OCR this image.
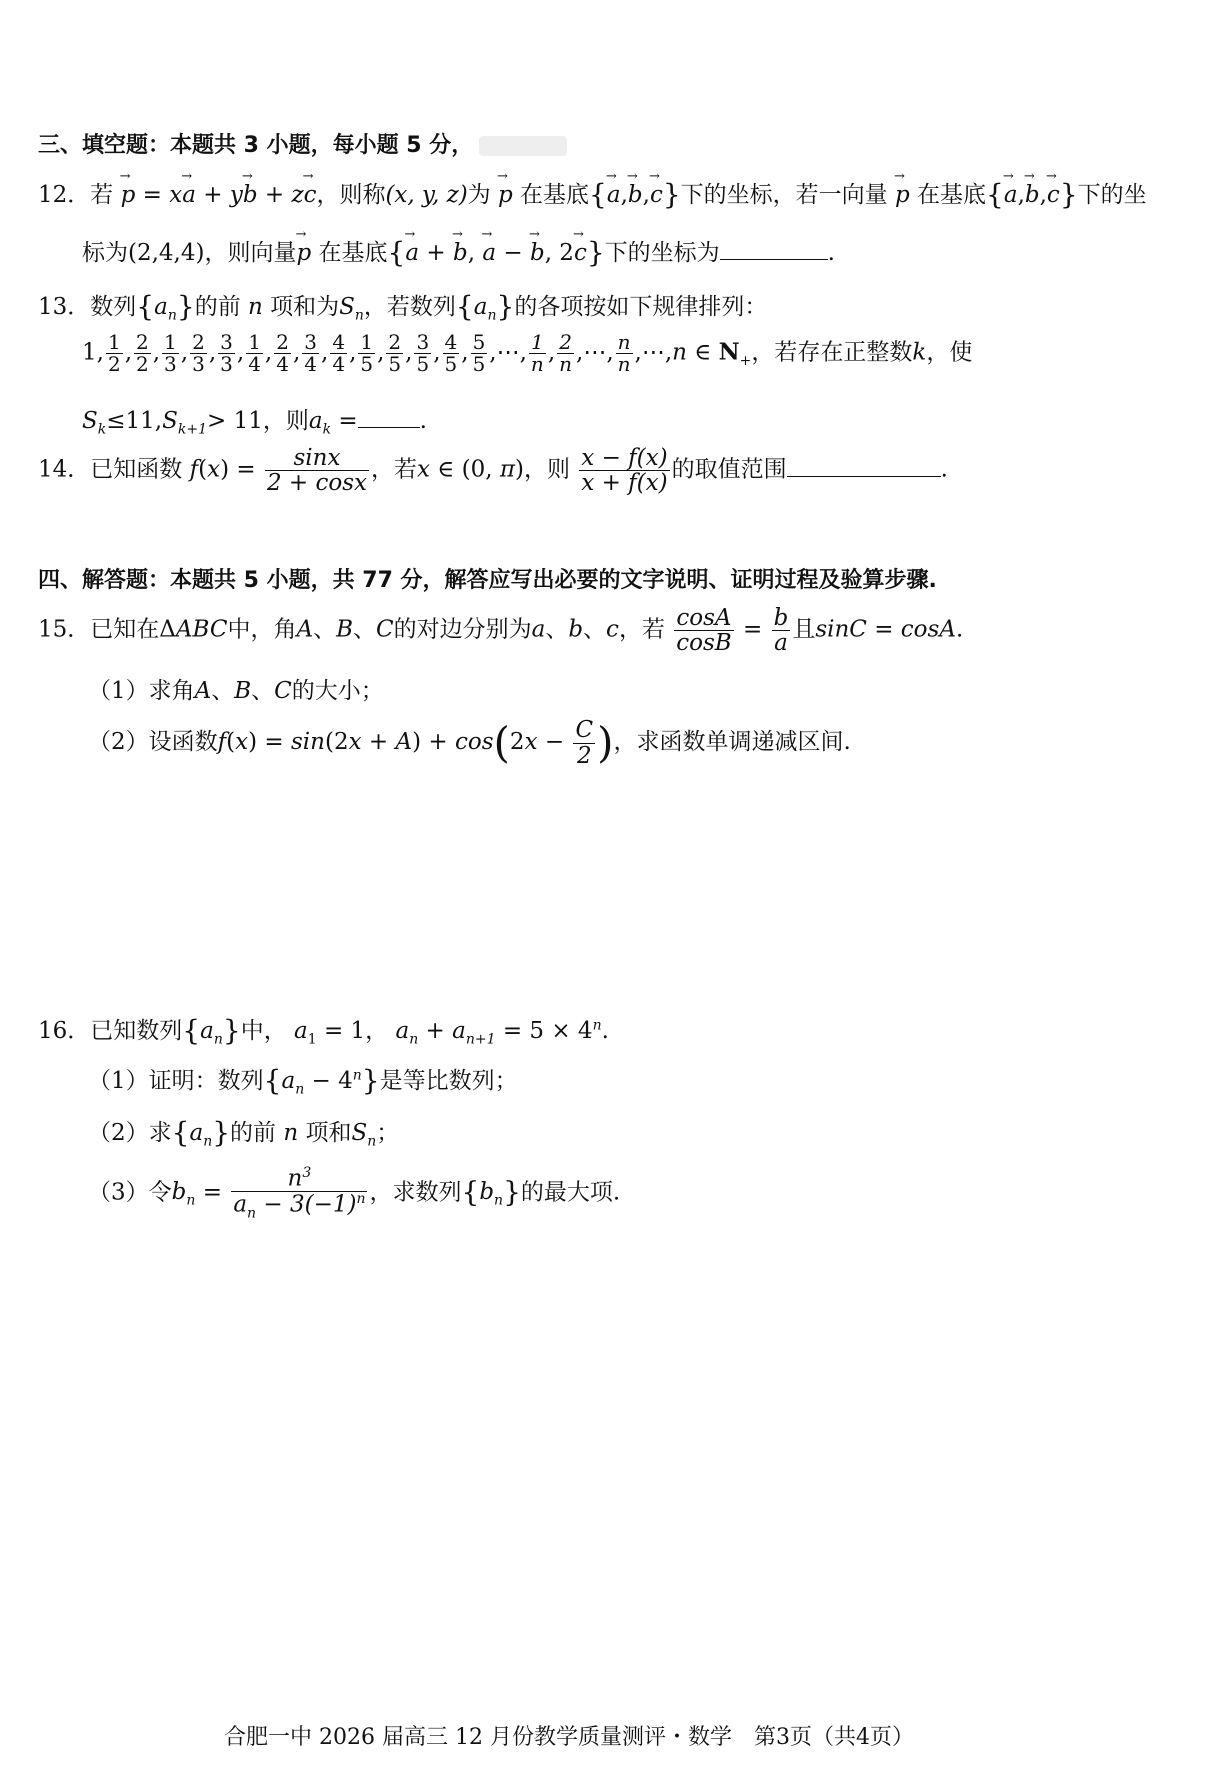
三、填空题：本题共 3 小题，每小题 5 分，
12．若 → p = x→ a + y→ b + z→ c，则称(x, y, z)为 → p 在基底{→ a,→ b,→ c}下的坐标，若一向量 → p 在基底{→ a,→ b,→ c}下的坐
标为(2,4,4)，则向量→ p 在基底{→ a + → b, → a − → b, 2→ c}下的坐标为	.
13．数列$\{a_n\}$的前 n 项和为$S_n$，若数列$\{a_n\}$的各项按如下规律排列：
1, $\frac{1}{2}$ , $\frac{2}{2}$ , $\frac{1}{3}$ , $\frac{2}{3}$ , $\frac{3}{3}$ , $\frac{1}{4}$ , $\frac{2}{4}$ , $\frac{3}{4}$ , $\frac{4}{4}$ , $\frac{1}{5}$ , $\frac{2}{5}$ , $\frac{3}{5}$ , $\frac{4}{5}$ , $\frac{5}{5}$ ,⋯, $\frac{1}{n}$ , $\frac{2}{n}$ ,⋯, $\frac{n}{n}$ ,⋯,n ∈ $N_+$，若存在正整数k，使
$S_k\le 11,S_{k+1}> 11$，则$a_k$ =	.
14．已知函数 $f(x) = \frac{\sin x}{2 + \cos x}$ ，若x ∈ (0, π)，则 $\frac{x - f(x)}{x + f(x)}$ 的取值范围	.
四、解答题：本题共 5 小题，共 77 分，解答应写出必要的文字说明、证明过程及验算步骤.
15．已知在ΔABC中，角A、B、C的对边分别为a、b、c，若 $\frac{\cos A}{\cos B} = \frac{b}{a}$ 且sinC = cosA.
（1）求角A、B、C的大小；
（2）设函数$f(x) = \sin(2x + A) + \cos(2x - \frac{C}{2}$ )，求函数单调递减区间.
16．已知数列$\{a_n\}$中， $a_1 = 1$， $a_n + a_{n+1} = 5 \times 4^n$.
（1）证明：数列$\{a_n - 4^n\}$是等比数列；
（2）求$\{a_n\}$的前 n 项和$S_n$；
（3）令$b_n = \frac{n^3}{a_n - 3(-1)^n}$ ，求数列$\{b_n\}$的最大项.
合肥一中 2026 届高三 12 月份教学质量测评・数学　第3页（共4页）
